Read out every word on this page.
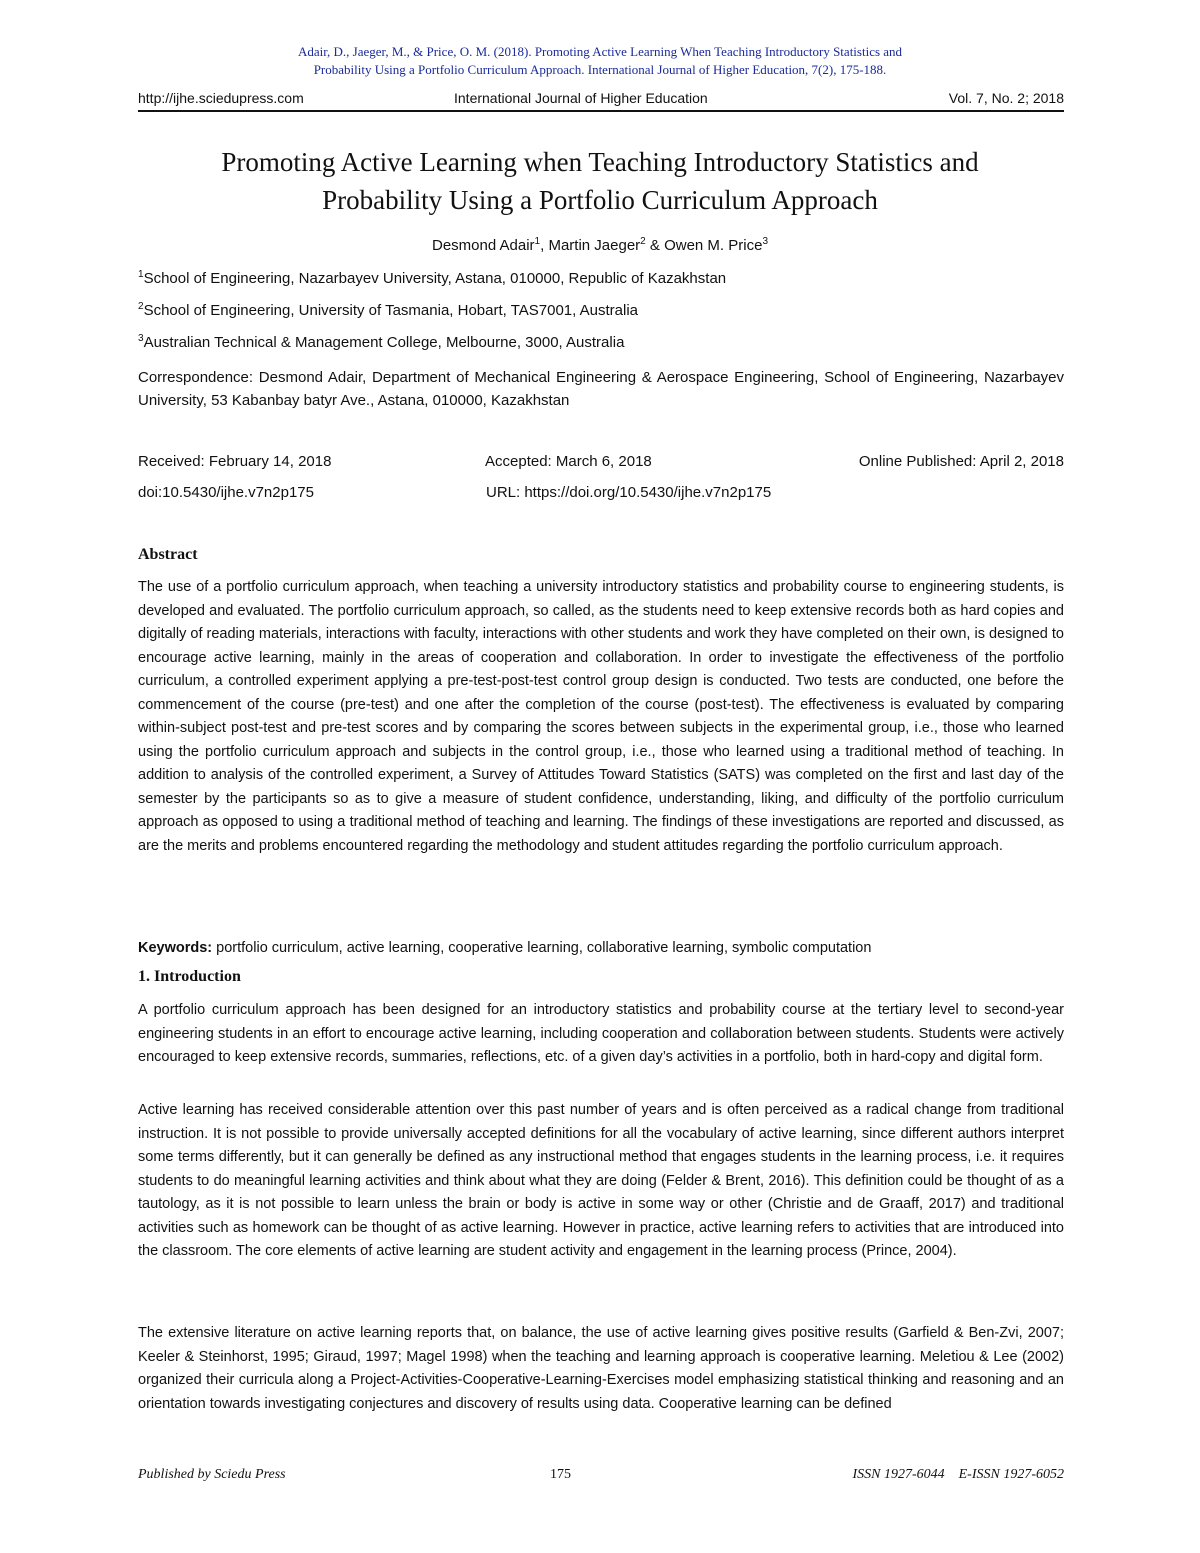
Adair, D., Jaeger, M., & Price, O. M. (2018). Promoting Active Learning When Teaching Introductory Statistics and
Probability Using a Portfolio Curriculum Approach. International Journal of Higher Education, 7(2), 175-188.
http://ijhe.sciedupress.com	International Journal of Higher Education	Vol. 7, No. 2; 2018
Promoting Active Learning when Teaching Introductory Statistics and
Probability Using a Portfolio Curriculum Approach
Desmond Adair$^1$, Martin Jaeger$^2$ & Owen M. Price$^3$
$^1$School of Engineering, Nazarbayev University, Astana, 010000, Republic of Kazakhstan
$^2$School of Engineering, University of Tasmania, Hobart, TAS7001, Australia
$^3$Australian Technical & Management College, Melbourne, 3000, Australia
Correspondence: Desmond Adair, Department of Mechanical Engineering & Aerospace Engineering, School of Engineering, Nazarbayev University, 53 Kabanbay batyr Ave., Astana, 010000, Kazakhstan
Received: February 14, 2018	Accepted: March 6, 2018	Online Published: April 2, 2018
doi:10.5430/ijhe.v7n2p175	URL: https://doi.org/10.5430/ijhe.v7n2p175
Abstract

The use of a portfolio curriculum approach, when teaching a university introductory statistics and probability course to engineering students, is developed and evaluated. The portfolio curriculum approach, so called, as the students need to keep extensive records both as hard copies and digitally of reading materials, interactions with faculty, interactions with other students and work they have completed on their own, is designed to encourage active learning, mainly in the areas of cooperation and collaboration. In order to investigate the effectiveness of the portfolio curriculum, a controlled experiment applying a pre-test-post-test control group design is conducted. Two tests are conducted, one before the commencement of the course (pre-test) and one after the completion of the course (post-test). The effectiveness is evaluated by comparing within-subject post-test and pre-test scores and by comparing the scores between subjects in the experimental group, i.e., those who learned using the portfolio curriculum approach and subjects in the control group, i.e., those who learned using a traditional method of teaching. In addition to analysis of the controlled experiment, a Survey of Attitudes Toward Statistics (SATS) was completed on the first and last day of the semester by the participants so as to give a measure of student confidence, understanding, liking, and difficulty of the portfolio curriculum approach as opposed to using a traditional method of teaching and learning. The findings of these investigations are reported and discussed, as are the merits and problems encountered regarding the methodology and student attitudes regarding the portfolio curriculum approach.

Keywords: portfolio curriculum, active learning, cooperative learning, collaborative learning, symbolic computation
1. Introduction

A portfolio curriculum approach has been designed for an introductory statistics and probability course at the tertiary level to second-year engineering students in an effort to encourage active learning, including cooperation and collaboration between students. Students were actively encouraged to keep extensive records, summaries, reflections, etc. of a given day’s activities in a portfolio, both in hard-copy and digital form.

Active learning has received considerable attention over this past number of years and is often perceived as a radical change from traditional instruction. It is not possible to provide universally accepted definitions for all the vocabulary of active learning, since different authors interpret some terms differently, but it can generally be defined as any instructional method that engages students in the learning process, i.e. it requires students to do meaningful learning activities and think about what they are doing (Felder & Brent, 2016). This definition could be thought of as a tautology, as it is not possible to learn unless the brain or body is active in some way or other (Christie and de Graaff, 2017) and traditional activities such as homework can be thought of as active learning. However in practice, active learning refers to activities that are introduced into the classroom. The core elements of active learning are student activity and engagement in the learning process (Prince, 2004).

The extensive literature on active learning reports that, on balance, the use of active learning gives positive results (Garfield & Ben-Zvi, 2007; Keeler & Steinhorst, 1995; Giraud, 1997; Magel 1998) when the teaching and learning approach is cooperative learning. Meletiou & Lee (2002) organized their curricula along a Project-Activities-Cooperative-Learning-Exercises model emphasizing statistical thinking and reasoning and an orientation towards investigating conjectures and discovery of results using data. Cooperative learning can be defined

Published by Sciedu Press	175	ISSN 1927-6044    E-ISSN 1927-6052
